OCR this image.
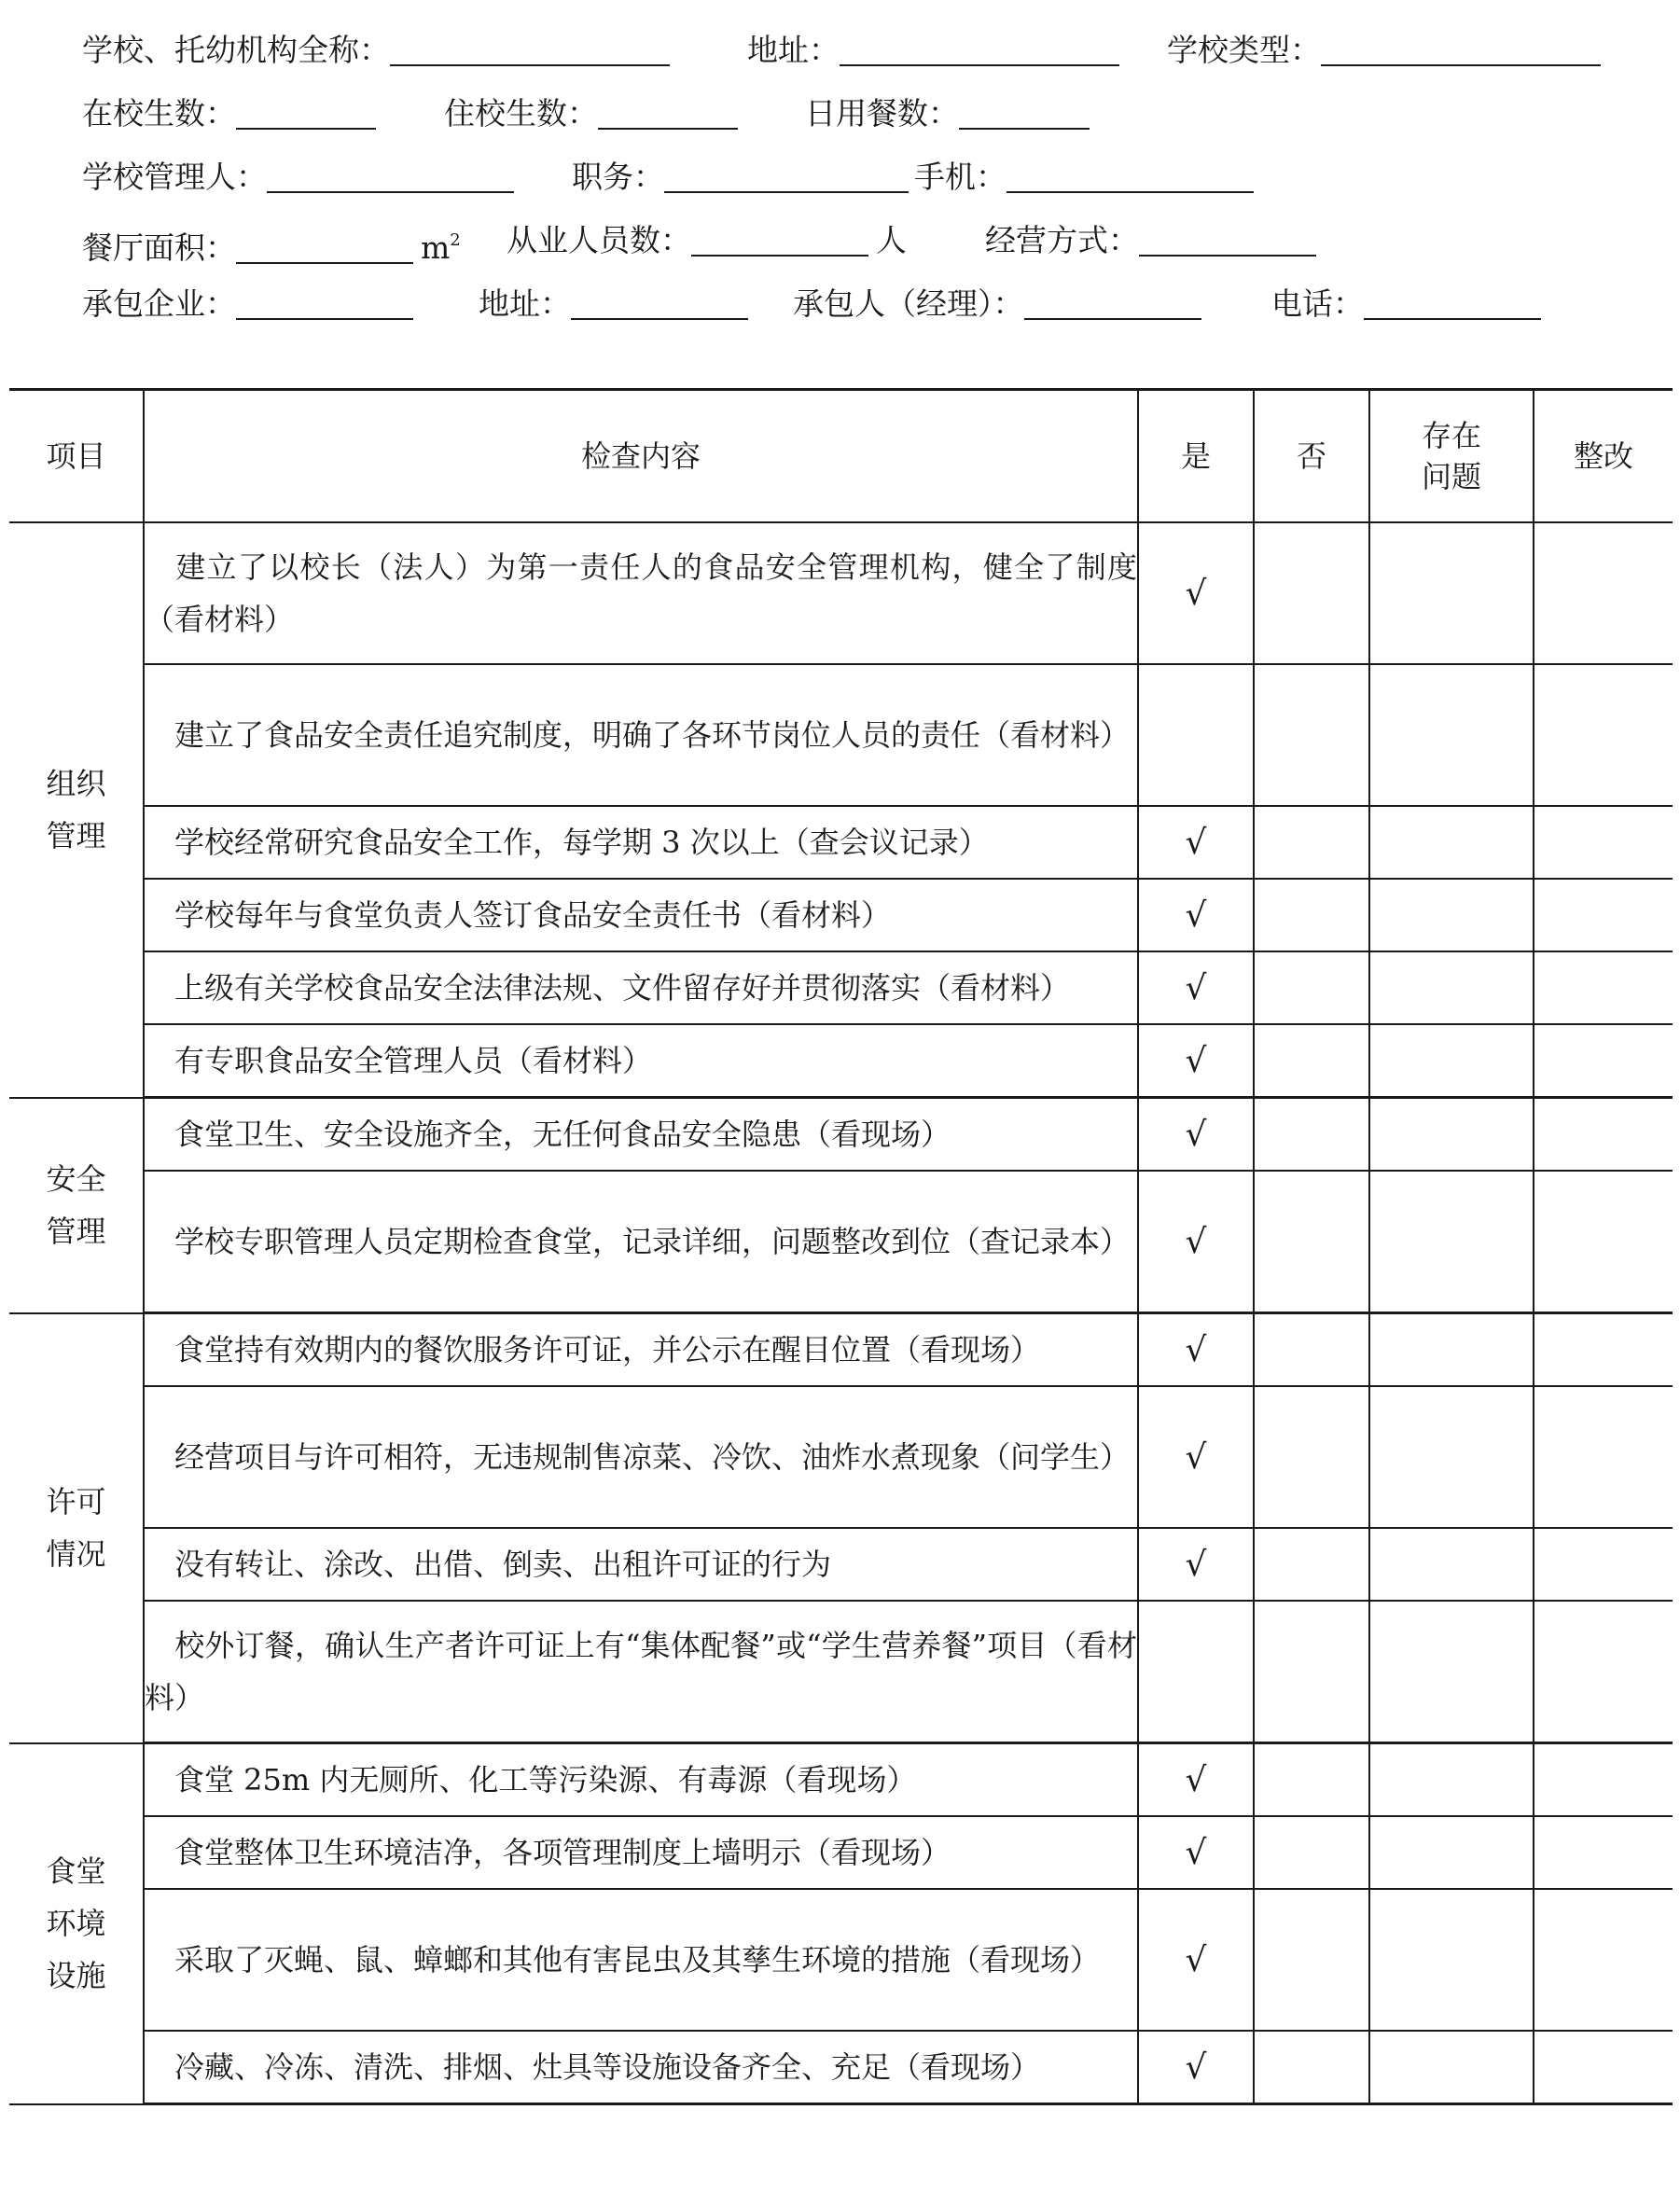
学校、托幼机构全称：	地址：	学校类型：
在校生数：	住校生数：	日用餐数：
学校管理人：	职务：	手机：
餐厅面积：	$m^2$ 从业人员数：	人	经营方式：
承包企业：	地址：	承包人（经理）：	电话：
项目	检查内容	是	否	存在问题	整改
组织管理	建立了以校长（法人）为第一责任人的食品安全管理机构，健全了制度（看材料）	√			
	建立了食品安全责任追究制度，明确了各环节岗位人员的责任（看材料）				
	学校经常研究食品安全工作，每学期 3 次以上（查会议记录）	√			
	学校每年与食堂负责人签订食品安全责任书（看材料）	√			
	上级有关学校食品安全法律法规、文件留存好并贯彻落实（看材料）	√			
	有专职食品安全管理人员（看材料）	√			
安全管理	食堂卫生、安全设施齐全，无任何食品安全隐患（看现场）	√			
	学校专职管理人员定期检查食堂，记录详细，问题整改到位（查记录本）	√			
许可情况	食堂持有效期内的餐饮服务许可证，并公示在醒目位置（看现场）	√			
	经营项目与许可相符，无违规制售凉菜、冷饮、油炸水煮现象（问学生）	√			
	没有转让、涂改、出借、倒卖、出租许可证的行为	√			
	校外订餐，确认生产者许可证上有“集体配餐”或“学生营养餐”项目（看材料）				
食堂环境设施	食堂 25m 内无厕所、化工等污染源、有毒源（看现场）	√			
	食堂整体卫生环境洁净，各项管理制度上墙明示（看现场）	√			
	采取了灭蝇、鼠、蟑螂和其他有害昆虫及其孳生环境的措施（看现场）	√			
	冷藏、冷冻、清洗、排烟、灶具等设施设备齐全、充足（看现场）	√			
